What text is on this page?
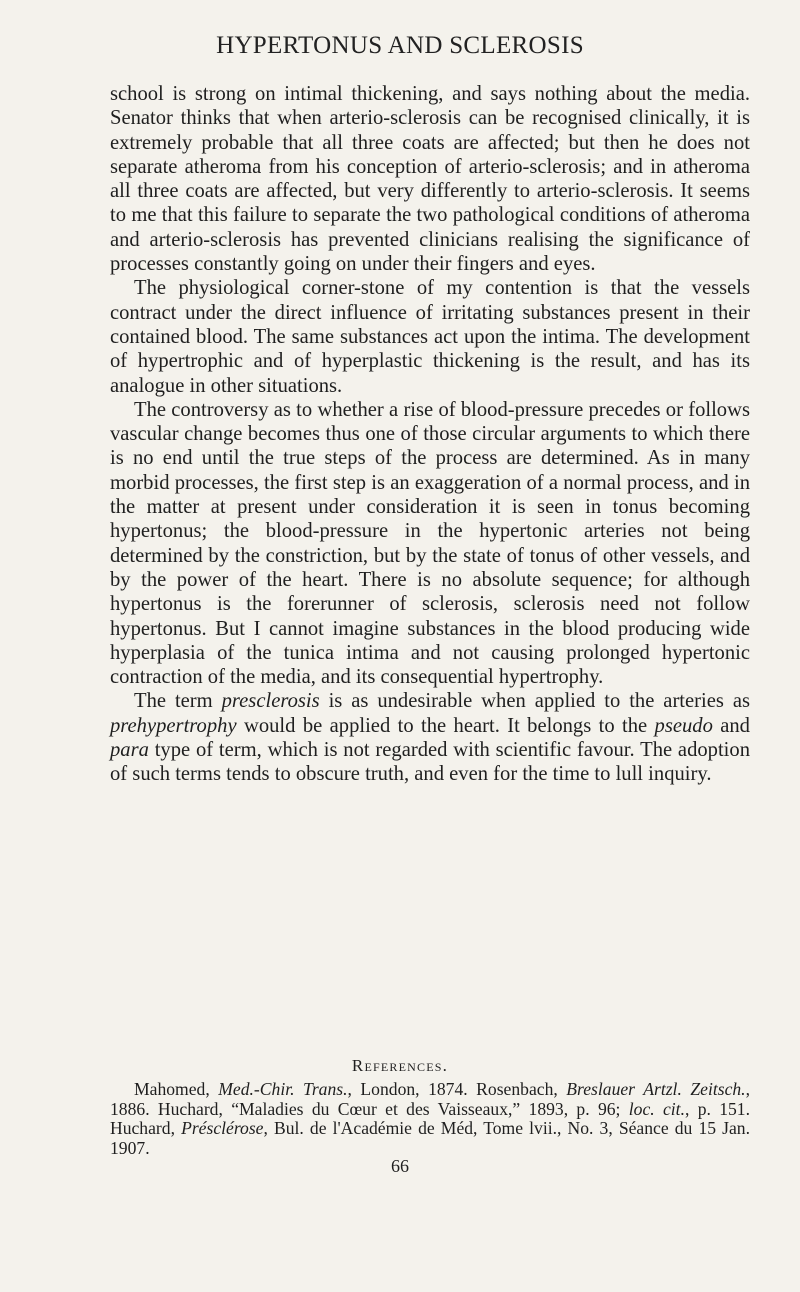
HYPERTONUS AND SCLEROSIS

school is strong on intimal thickening, and says nothing about the media. Senator thinks that when arterio-sclerosis can be recognised clinically, it is extremely probable that all three coats are affected; but then he does not separate atheroma from his conception of arterio-sclerosis; and in atheroma all three coats are affected, but very differently to arterio-sclerosis. It seems to me that this failure to separate the two pathological conditions of atheroma and arterio-sclerosis has prevented clinicians realising the significance of processes constantly going on under their fingers and eyes.

The physiological corner-stone of my contention is that the vessels contract under the direct influence of irritating substances present in their contained blood. The same substances act upon the intima. The development of hypertrophic and of hyperplastic thickening is the result, and has its analogue in other situations.

The controversy as to whether a rise of blood-pressure precedes or follows vascular change becomes thus one of those circular arguments to which there is no end until the true steps of the process are determined. As in many morbid processes, the first step is an exaggeration of a normal process, and in the matter at present under consideration it is seen in tonus becoming hypertonus; the blood-pressure in the hypertonic arteries not being determined by the constriction, but by the state of tonus of other vessels, and by the power of the heart. There is no absolute sequence; for although hypertonus is the forerunner of sclerosis, sclerosis need not follow hypertonus. But I cannot imagine substances in the blood producing wide hyperplasia of the tunica intima and not causing prolonged hypertonic contraction of the media, and its consequential hypertrophy.

The term presclerosis is as undesirable when applied to the arteries as prehypertrophy would be applied to the heart. It belongs to the pseudo and para type of term, which is not regarded with scientific favour. The adoption of such terms tends to obscure truth, and even for the time to lull inquiry.

References.

Mahomed, Med.-Chir. Trans., London, 1874. Rosenbach, Breslauer Artzl. Zeitsch., 1886. Huchard, “Maladies du Cœur et des Vaisseaux,” 1893, p. 96; loc. cit., p. 151. Huchard, Présclérose, Bul. de l'Académie de Méd, Tome lvii., No. 3, Séance du 15 Jan. 1907.

66
